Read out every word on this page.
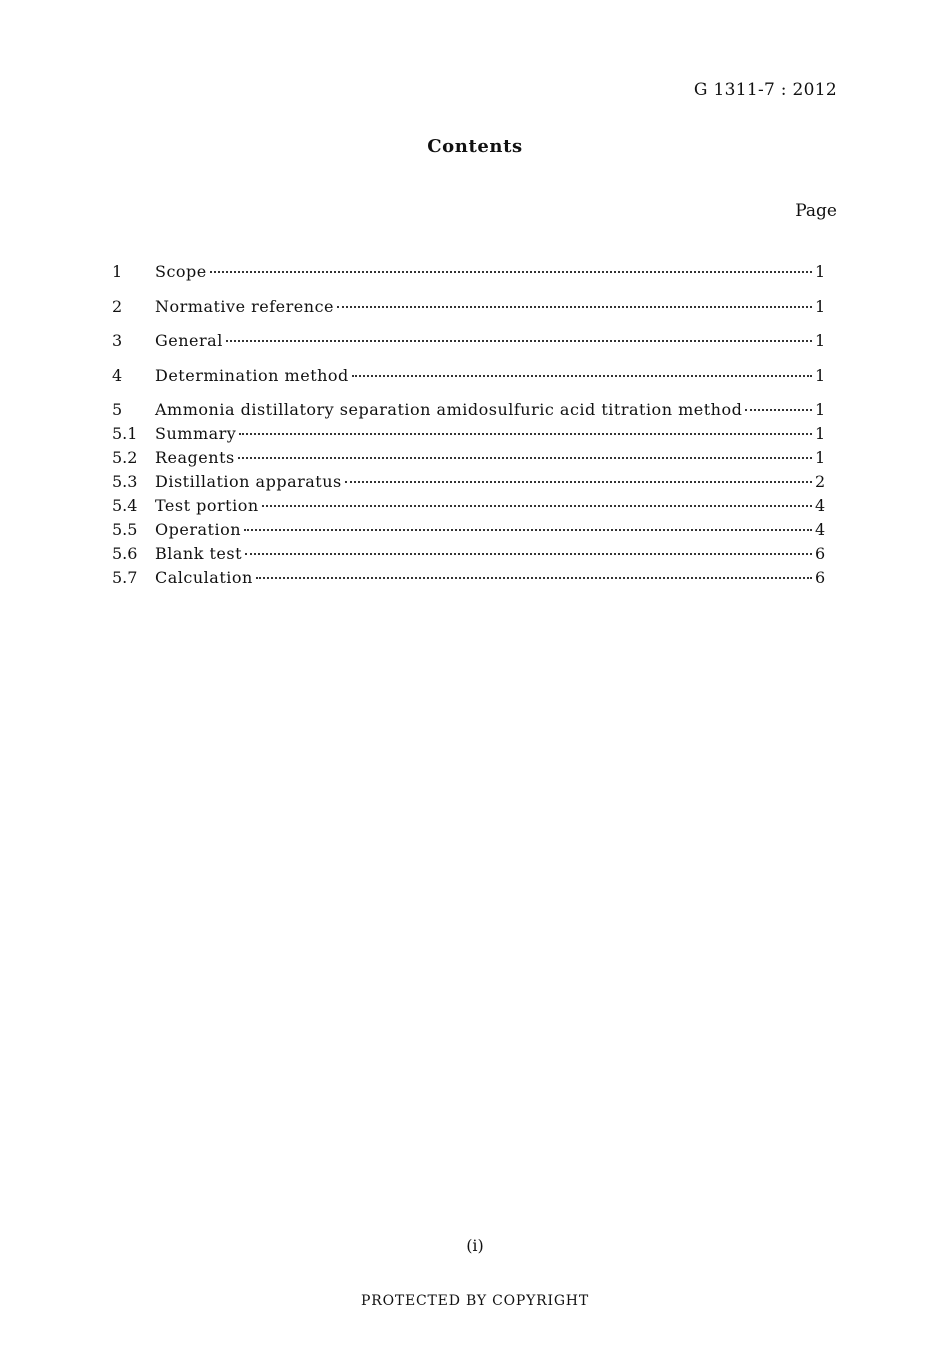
G 1311-7 : 2012
Contents
Page
1	Scope	1
2	Normative reference	1
3	General	1
4	Determination method	1
5	Ammonia distillatory separation amidosulfuric acid titration method	1
5.1	Summary	1
5.2	Reagents	1
5.3	Distillation apparatus	2
5.4	Test portion	4
5.5	Operation	4
5.6	Blank test	6
5.7	Calculation	6
(i)
PROTECTED BY COPYRIGHT
